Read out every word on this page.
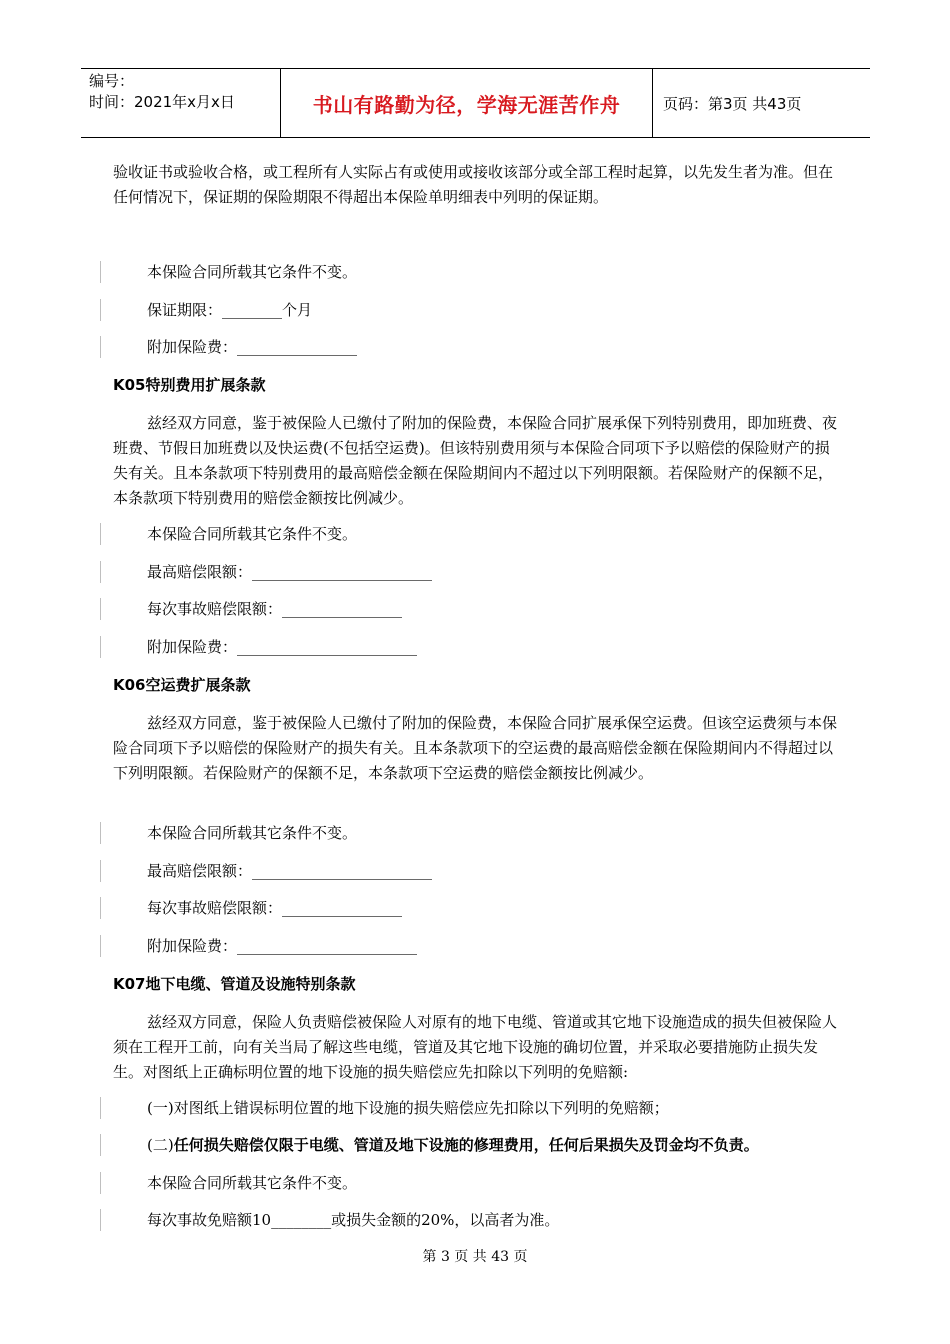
编号：
时间：2021年x月x日	书山有路勤为径，学海无涯苦作舟	页码：第3页 共43页

验收证书或验收合格，或工程所有人实际占有或使用或接收该部分或全部工程时起算，以先发生者为准。但在任何情况下，保证期的保险期限不得超出本保险单明细表中列明的保证期。

本保险合同所载其它条件不变。
保证期限：________个月
附加保险费：________________
K05特别费用扩展条款

兹经双方同意，鉴于被保险人已缴付了附加的保险费，本保险合同扩展承保下列特别费用，即加班费、夜班费、节假日加班费以及快运费(不包括空运费)。但该特别费用须与本保险合同项下予以赔偿的保险财产的损失有关。且本条款项下特别费用的最高赔偿金额在保险期间内不超过以下列明限额。若保险财产的保额不足，本条款项下特别费用的赔偿金额按比例减少。

本保险合同所载其它条件不变。
最高赔偿限额：________________________
每次事故赔偿限额：________________
附加保险费：________________________
K06空运费扩展条款

兹经双方同意，鉴于被保险人已缴付了附加的保险费，本保险合同扩展承保空运费。但该空运费须与本保险合同项下予以赔偿的保险财产的损失有关。且本条款项下的空运费的最高赔偿金额在保险期间内不得超过以下列明限额。若保险财产的保额不足，本条款项下空运费的赔偿金额按比例减少。

本保险合同所载其它条件不变。
最高赔偿限额：________________________
每次事故赔偿限额：________________
附加保险费：________________________
K07地下电缆、管道及设施特别条款

兹经双方同意，保险人负责赔偿被保险人对原有的地下电缆、管道或其它地下设施造成的损失但被保险人须在工程开工前，向有关当局了解这些电缆，管道及其它地下设施的确切位置，并采取必要措施防止损失发生。对图纸上正确标明位置的地下设施的损失赔偿应先扣除以下列明的免赔额:

(一)对图纸上错误标明位置的地下设施的损失赔偿应先扣除以下列明的免赔额；
(二)任何损失赔偿仅限于电缆、管道及地下设施的修理费用，任何后果损失及罚金均不负责。
本保险合同所载其它条件不变。
每次事故免赔额10________或损失金额的20%，以高者为准。
第 3 页 共 43 页
